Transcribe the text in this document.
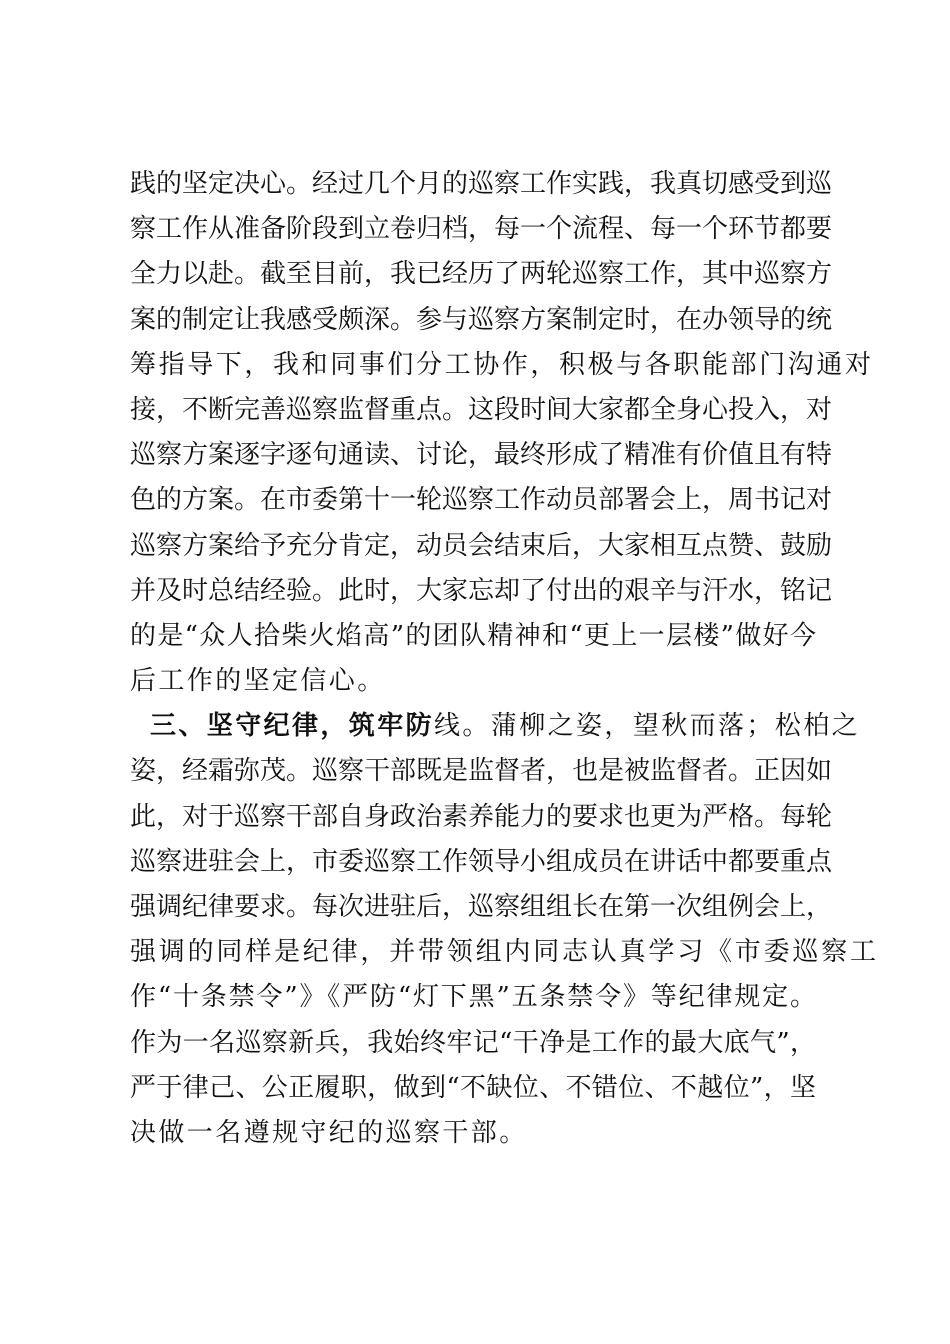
践的坚定决心。经过几个月的巡察工作实践，我真切感受到巡
察工作从准备阶段到立卷归档，每一个流程、每一个环节都要
全力以赴。截至目前，我已经历了两轮巡察工作，其中巡察方
案的制定让我感受颇深。参与巡察方案制定时，在办领导的统
筹指导下，我和同事们分工协作，积极与各职能部门沟通对
接，不断完善巡察监督重点。这段时间大家都全身心投入，对
巡察方案逐字逐句通读、讨论，最终形成了精准有价值且有特
色的方案。在市委第十一轮巡察工作动员部署会上，周书记对
巡察方案给予充分肯定，动员会结束后，大家相互点赞、鼓励
并及时总结经验。此时，大家忘却了付出的艰辛与汗水，铭记
的是“众人拾柴火焰高”的团队精神和“更上一层楼”做好今
后工作的坚定信心。
三、坚守纪律，筑牢防线。蒲柳之姿，望秋而落；松柏之
姿，经霜弥茂。巡察干部既是监督者，也是被监督者。正因如
此，对于巡察干部自身政治素养能力的要求也更为严格。每轮
巡察进驻会上，市委巡察工作领导小组成员在讲话中都要重点
强调纪律要求。每次进驻后，巡察组组长在第一次组例会上，
强调的同样是纪律，并带领组内同志认真学习《市委巡察工
作“十条禁令”》《严防“灯下黑”五条禁令》等纪律规定。
作为一名巡察新兵，我始终牢记“干净是工作的最大底气”，
严于律己、公正履职，做到“不缺位、不错位、不越位”，坚
决做一名遵规守纪的巡察干部。
